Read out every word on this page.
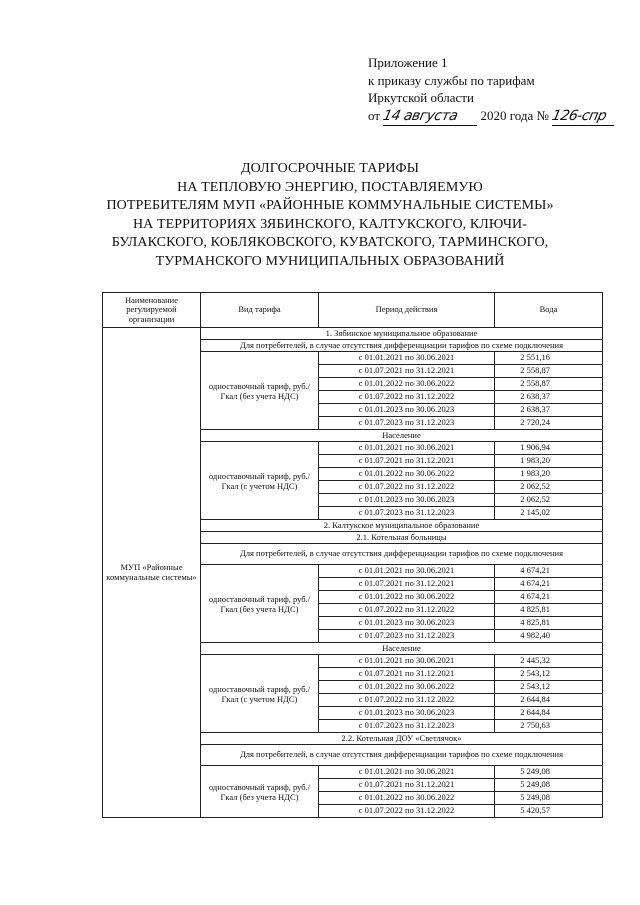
Приложение 1
к приказу службы по тарифам
Иркутской области
от 14 августа 2020 года № 126-спр
ДОЛГОСРОЧНЫЕ ТАРИФЫ
НА ТЕПЛОВУЮ ЭНЕРГИЮ, ПОСТАВЛЯЕМУЮ
ПОТРЕБИТЕЛЯМ МУП «РАЙОННЫЕ КОММУНАЛЬНЫЕ СИСТЕМЫ»
НА ТЕРРИТОРИЯХ ЗЯБИНСКОГО, КАЛТУКСКОГО, КЛЮЧИ-
БУЛАКСКОГО, КОБЛЯКОВСКОГО, КУВАТСКОГО, ТАРМИНСКОГО,
ТУРМАНСКОГО МУНИЦИПАЛЬНЫХ ОБРАЗОВАНИЙ
Наименование регулируемой организации	Вид тарифа	Период действия	Вода
МУП «Районные коммунальные системы»	1. Зябинское муниципальное образование		
	Для потребителей, в случае отсутствия дифференциации тарифов по схеме подключения		
	одноставочный тариф, руб./Гкал (без учета НДС)	с 01.01.2021 по 30.06.2021	2 551,16
		с 01.07.2021 по 31.12.2021	2 558,87
		с 01.01.2022 по 30.06.2022	2 558,87
		с 01.07.2022 по 31.12.2022	2 638,37
		с 01.01.2023 по 30.06.2023	2 638,37
		с 01.07.2023 по 31.12.2023	2 720,24
	Население		
	одноставочный тариф, руб./Гкал (с учетом НДС)	с 01.01.2021 по 30.06.2021	1 906,94
		с 01.07.2021 по 31.12.2021	1 983,20
		с 01.01.2022 по 30.06.2022	1 983,20
		с 01.07.2022 по 31.12.2022	2 062,52
		с 01.01.2023 по 30.06.2023	2 062,52
		с 01.07.2023 по 31.12.2023	2 145,02
	2. Калтукское муниципальное образование		
	2.1. Котельная больницы		
	Для потребителей, в случае отсутствия дифференциации тарифов по схеме подключения		
	одноставочный тариф, руб./Гкал (без учета НДС)	с 01.01.2021 по 30.06.2021	4 674,21
		с 01.07.2021 по 31.12.2021	4 674,21
		с 01.01.2022 по 30.06.2022	4 674,21
		с 01.07.2022 по 31.12.2022	4 825,81
		с 01.01.2023 по 30.06.2023	4 825,81
		с 01.07.2023 по 31.12.2023	4 982,40
	Население		
	одноставочный тариф, руб./Гкал (с учетом НДС)	с 01.01.2021 по 30.06.2021	2 445,32
		с 01.07.2021 по 31.12.2021	2 543,12
		с 01.01.2022 по 30.06.2022	2 543,12
		с 01.07.2022 по 31.12.2022	2 644,84
		с 01.01.2023 по 30.06.2023	2 644,84
		с 01.07.2023 по 31.12.2023	2 750,63
	2.2. Котельная ДОУ «Светлячок»		
	Для потребителей, в случае отсутствия дифференциации тарифов по схеме подключения		
	одноставочный тариф, руб./Гкал (без учета НДС)	с 01.01.2021 по 30.06.2021	5 249,08
		с 01.07.2021 по 31.12.2021	5 249,08
		с 01.01.2022 по 30.06.2022	5 249,08
		с 01.07.2022 по 31.12.2022	5 420,57
